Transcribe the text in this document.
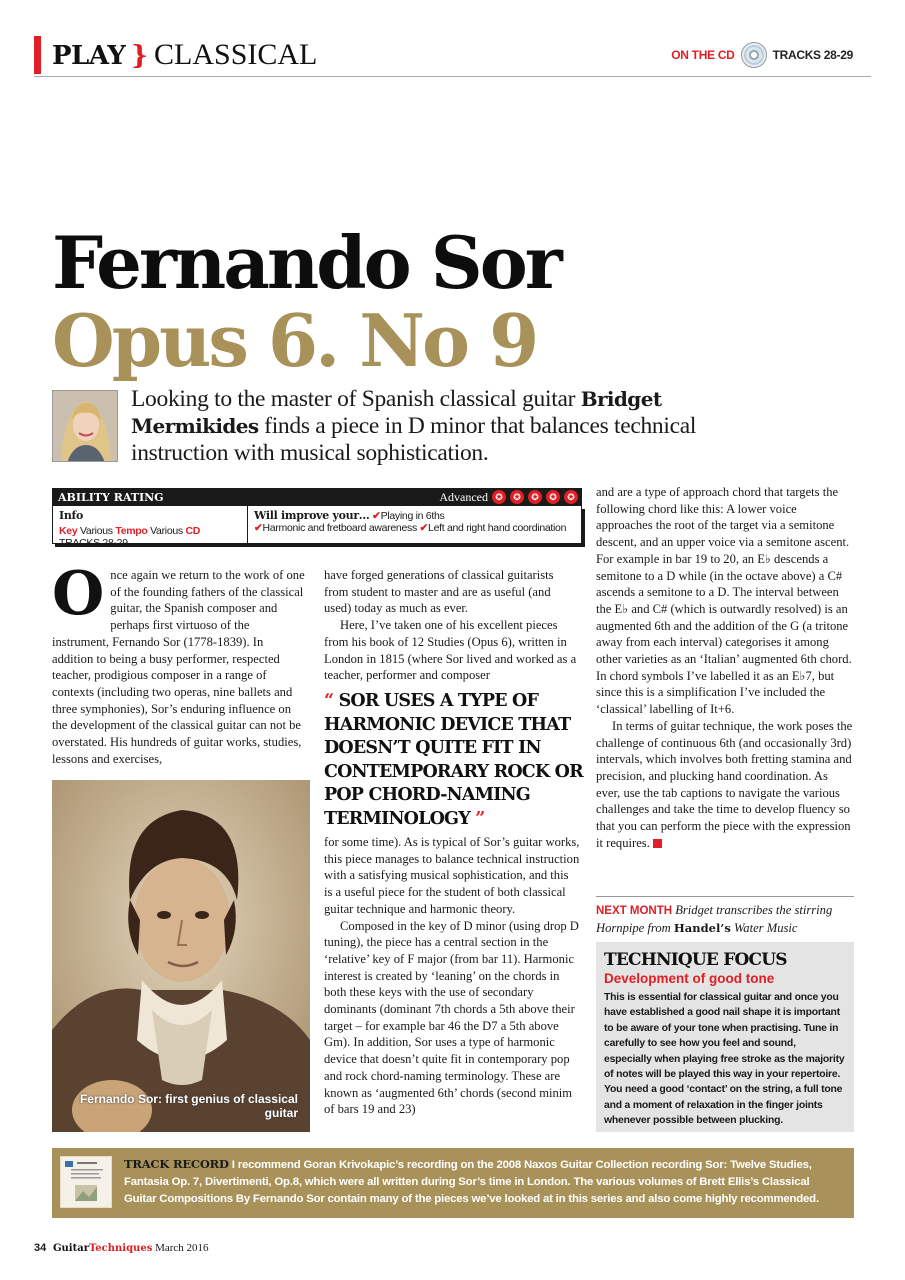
PLAY } CLASSICAL	ON THE CD	TRACKS 28-29
Fernando Sor
Opus 6. No 9
Looking to the master of Spanish classical guitar Bridget Mermikides finds a piece in D minor that balances technical instruction with musical sophistication.
ABILITY RATING	Advanced ✪	✪	✪	✪	✪
Info
Key Various Tempo Various CD TRACKS 28-29
Will improve your… ✔Playing in 6ths
✔Harmonic and fretboard awareness ✔Left and right hand coordination

Once again we return to the work of one of the founding fathers of the classical guitar, the Spanish composer and perhaps first virtuoso of the instrument, Fernando Sor (1778-1839). In addition to being a busy performer, respected teacher, prodigious composer in a range of contexts (including two operas, nine ballets and three symphonies), Sor’s enduring influence on the development of the classical guitar can not be overstated. His hundreds of guitar works, studies, lessons and exercises,

Fernando Sor: first genius of classical guitar

have forged generations of classical guitarists from student to master and are as useful (and used) today as much as ever.

Here, I’ve taken one of his excellent pieces from his book of 12 Studies (Opus 6), written in London in 1815 (where Sor lived and worked as a teacher, performer and composer

“ SOR USES A TYPE OF HARMONIC DEVICE THAT DOESN’T QUITE FIT IN CONTEMPORARY ROCK OR POP CHORD-NAMING TERMINOLOGY ”

for some time). As is typical of Sor’s guitar works, this piece manages to balance technical instruction with a satisfying musical sophistication, and this is a useful piece for the student of both classical guitar technique and harmonic theory.

Composed in the key of D minor (using drop D tuning), the piece has a central section in the ‘relative’ key of F major (from bar 11). Harmonic interest is created by ‘leaning’ on the chords in both these keys with the use of secondary dominants (dominant 7th chords a 5th above their target – for example bar 46 the D7 a 5th above Gm). In addition, Sor uses a type of harmonic device that doesn’t quite fit in contemporary pop and rock chord-naming terminology. These are known as ‘augmented 6th’ chords (second minim of bars 19 and 23)

and are a type of approach chord that targets the following chord like this: A lower voice approaches the root of the target via a semitone descent, and an upper voice via a semitone ascent. For example in bar 19 to 20, an E♭ descends a semitone to a D while (in the octave above) a C# ascends a semitone to a D. The interval between the E♭ and C# (which is outwardly resolved) is an augmented 6th and the addition of the G (a tritone away from each interval) categorises it among other varieties as an ‘Italian’ augmented 6th chord. In chord symbols I’ve labelled it as an E♭7, but since this is a simplification I’ve included the ‘classical’ labelling of It+6.

In terms of guitar technique, the work poses the challenge of continuous 6th (and occasionally 3rd) intervals, which involves both fretting stamina and precision, and plucking hand coordination. As ever, use the tab captions to navigate the various challenges and take the time to develop fluency so that you can perform the piece with the expression it requires.

NEXT MONTH Bridget transcribes the stirring Hornpipe from Handel’s Water Music
TECHNIQUE FOCUS
Development of good tone
This is essential for classical guitar and once you have established a good nail shape it is important to be aware of your tone when practising. Tune in carefully to see how you feel and sound, especially when playing free stroke as the majority of notes will be played this way in your repertoire. You need a good ‘contact’ on the string, a full tone and a moment of relaxation in the finger joints whenever possible between plucking.
TRACK RECORD I recommend Goran Krivokapic’s recording on the 2008 Naxos Guitar Collection recording Sor: Twelve Studies, Fantasia Op. 7, Divertimenti, Op.8, which were all written during Sor’s time in London. The various volumes of Brett Ellis’s Classical Guitar Compositions By Fernando Sor contain many of the pieces we’ve looked at in this series and also come highly recommended.
34 GuitarTechniques March 2016
